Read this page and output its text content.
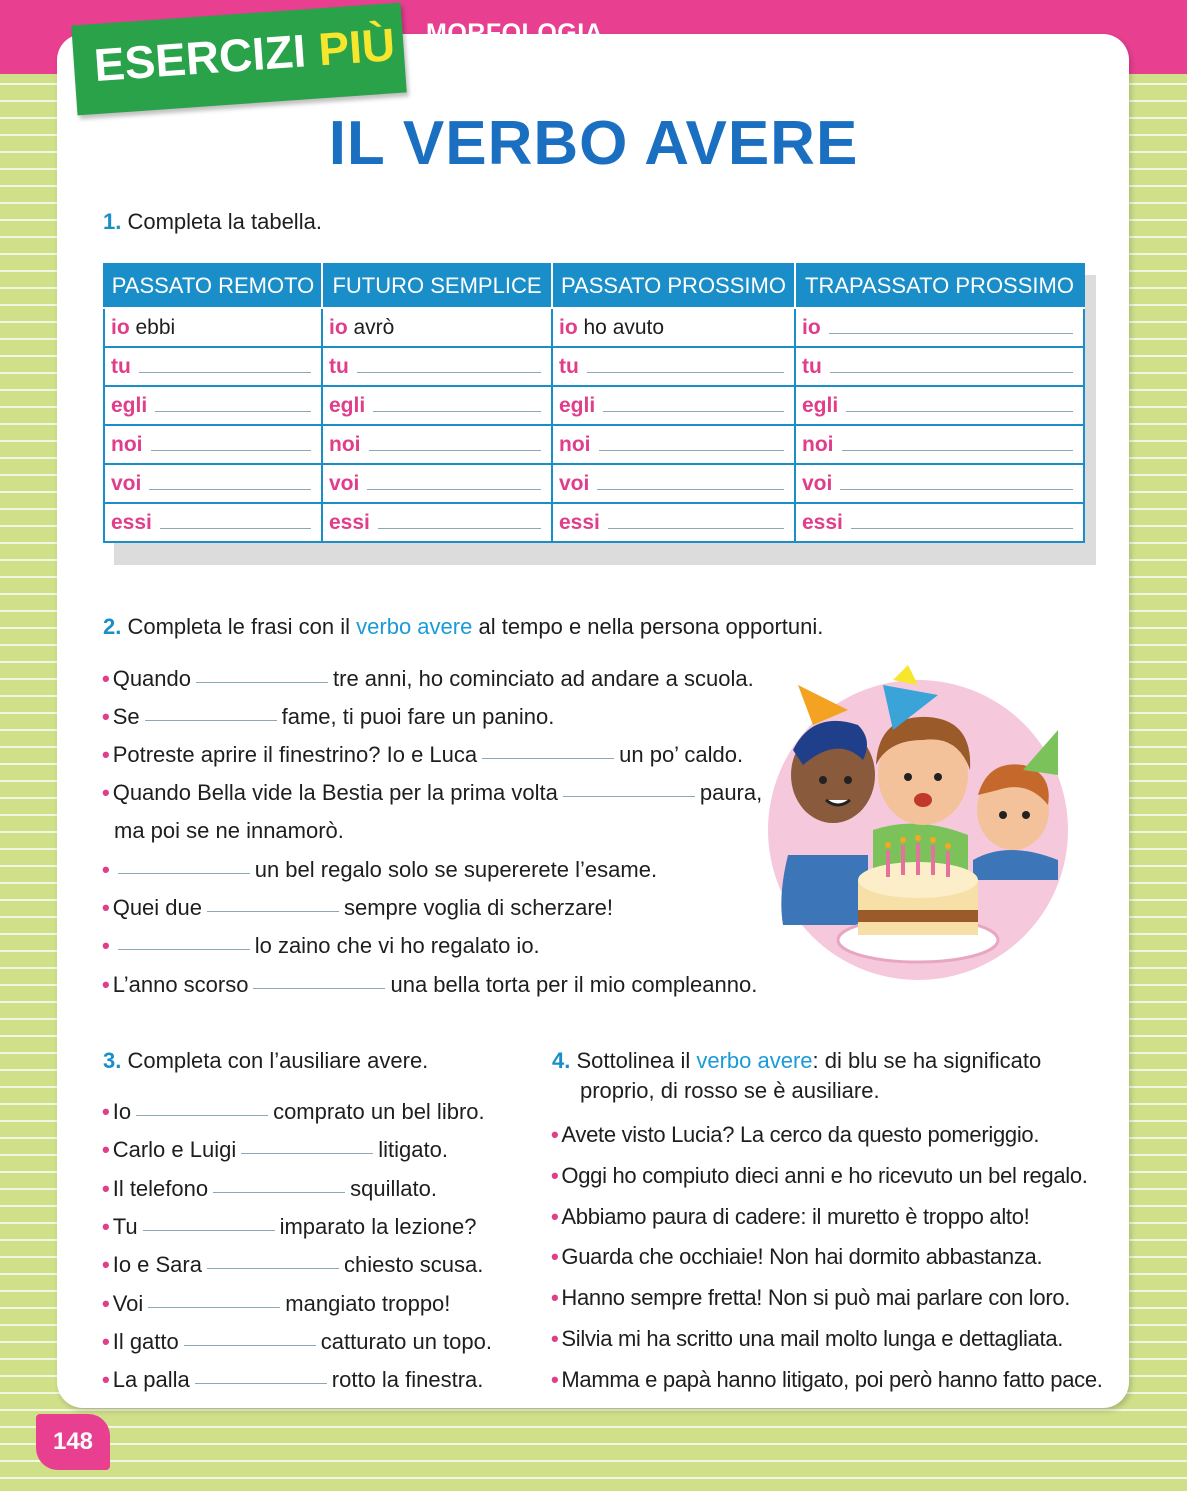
ESERCIZI PIÙ MORFOLOGIA
IL VERBO AVERE
1. Completa la tabella.
PASSATO REMOTO	FUTURO SEMPLICE	PASSATO PROSSIMO	TRAPASSATO PROSSIMO

io ebbi	io avrò	io ho avuto	io

tu	tu	tu	tu

egli	egli	egli	egli

noi	noi	noi	noi

voi	voi	voi	voi

essi	essi	essi	essi
2. Completa le frasi con il verbo avere al tempo e nella persona opportuni.
• Quando	tre anni, ho cominciato ad andare a scuola.
• Se	fame, ti puoi fare un panino.
• Potreste aprire il finestrino? Io e Luca	un po’ caldo.
• Quando Bella vide la Bestia per la prima volta	paura,
ma poi se ne innamorò.
•	un bel regalo solo se supererete l’esame.
• Quei due	sempre voglia di scherzare!
•	lo zaino che vi ho regalato io.
• L’anno scorso	una bella torta per il mio compleanno.
3. Completa con l’ausiliare avere.
• Io	comprato un bel libro.
• Carlo e Luigi	litigato.
• Il telefono	squillato.
• Tu	imparato la lezione?
• Io e Sara	chiesto scusa.
• Voi	mangiato troppo!
• Il gatto	catturato un topo.
• La palla	rotto la finestra.
4. Sottolinea il verbo avere: di blu se ha significato
proprio, di rosso se è ausiliare.
• Avete visto Lucia? La cerco da questo pomeriggio.
• Oggi ho compiuto dieci anni e ho ricevuto un bel regalo.
• Abbiamo paura di cadere: il muretto è troppo alto!
• Guarda che occhiaie! Non hai dormito abbastanza.
• Hanno sempre fretta! Non si può mai parlare con loro.
• Silvia mi ha scritto una mail molto lunga e dettagliata.
• Mamma e papà hanno litigato, poi però hanno fatto pace.
148
